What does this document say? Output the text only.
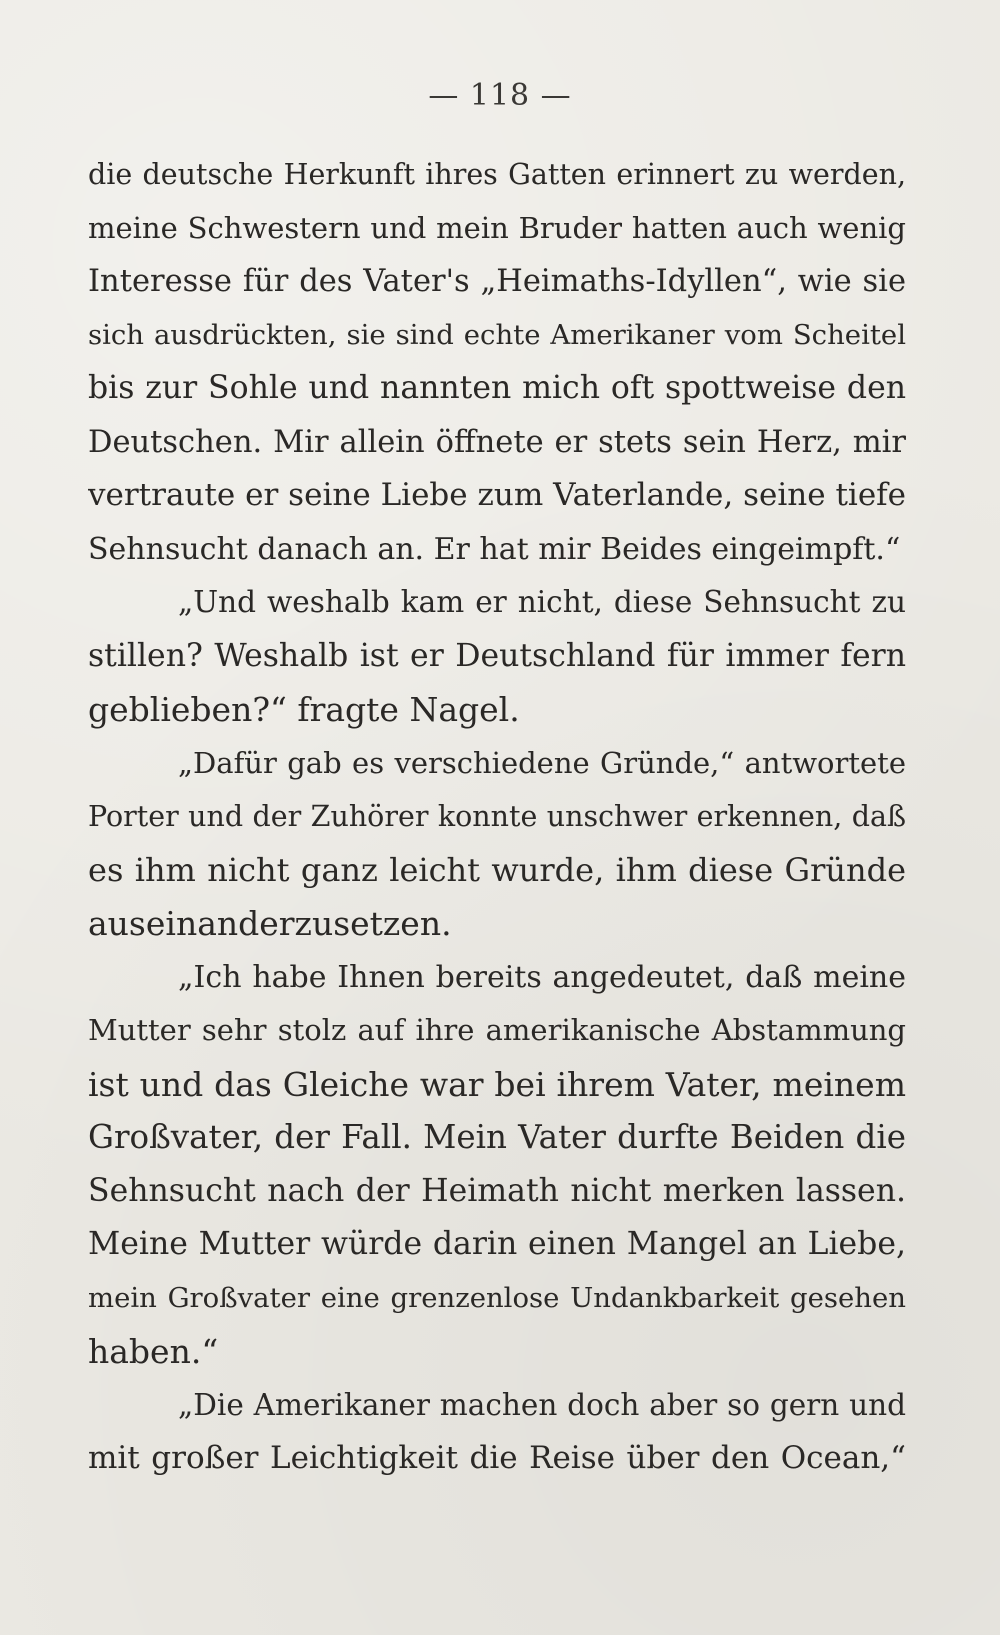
— 118 —
die deutsche Herkunft ihres Gatten erinnert zu werden,
meine Schwestern und mein Bruder hatten auch wenig
Interesse für des Vater's „Heimaths-Idyllen“, wie sie
sich ausdrückten, sie sind echte Amerikaner vom Scheitel
bis zur Sohle und nannten mich oft spottweise den
Deutschen. Mir allein öffnete er stets sein Herz, mir
vertraute er seine Liebe zum Vaterlande, seine tiefe
Sehnsucht danach an. Er hat mir Beides eingeimpft.“
„Und weshalb kam er nicht, diese Sehnsucht zu
stillen? Weshalb ist er Deutschland für immer fern
geblieben?“ fragte Nagel.
„Dafür gab es verschiedene Gründe,“ antwortete
Porter und der Zuhörer konnte unschwer erkennen, daß
es ihm nicht ganz leicht wurde, ihm diese Gründe
auseinanderzusetzen.
„Ich habe Ihnen bereits angedeutet, daß meine
Mutter sehr stolz auf ihre amerikanische Abstammung
ist und das Gleiche war bei ihrem Vater, meinem
Großvater, der Fall. Mein Vater durfte Beiden die
Sehnsucht nach der Heimath nicht merken lassen.
Meine Mutter würde darin einen Mangel an Liebe,
mein Großvater eine grenzenlose Undankbarkeit gesehen
haben.“
„Die Amerikaner machen doch aber so gern und
mit großer Leichtigkeit die Reise über den Ocean,“
